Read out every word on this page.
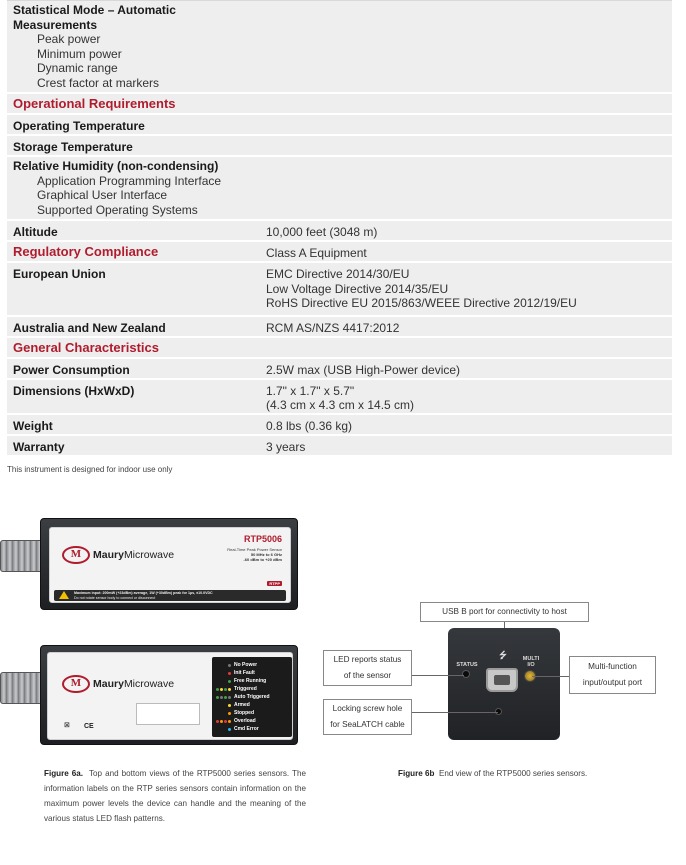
Statistical Mode – Automatic Measurements
Peak power
Minimum power
Dynamic range
Crest factor at markers
Operational Requirements
Operating Temperature
Storage Temperature
Relative Humidity (non-condensing)
Application Programming Interface
Graphical User Interface
Supported Operating Systems
Altitude	10,000 feet (3048 m)
Regulatory Compliance	Class A Equipment
European Union	EMC Directive 2014/30/EU
Low Voltage Directive 2014/35/EU
RoHS Directive EU 2015/863/WEEE Directive 2012/19/EU
Australia and New Zealand	RCM AS/NZS 4417:2012
General Characteristics
Power Consumption	2.5W max (USB High-Power device)
Dimensions (HxWxD)	1.7" x 1.7" x 5.7"
(4.3 cm x 4.3 cm x 14.5 cm)
Weight	0.8 lbs (0.36 kg)
Warranty	3 years
This instrument is designed for indoor use only
M	MauryMicrowave
RTP5006
Real-Time Peak Power Sensor
50 MHz to 6 GHz
-60 dBm to +20 dBm
RTPP
Maximum input: 200mW (+23dBm) average, 1W (+30dBm) peak for 1µs, ±10.0VDC
Do not rotate sensor body to connect or disconnect
M	MauryMicrowave
⊠ CE
No Power
Init Fault
Free Running
Triggered
Auto Triggered
Armed
Stopped
Overload
Cmd Error
Figure 6a. Top and bottom views of the RTP5000 series sensors. The information labels on the RTP series sensors contain information on the maximum power levels the device can handle and the meaning of the various status LED flash patterns.
USB B port for connectivity to host
STATUS
MULTI
I/O
⭍
LED reports status
of the sensor
Locking screw hole
for SeaLATCH cable
Multi-function
input/output port
Figure 6b End view of the RTP5000 series sensors.
